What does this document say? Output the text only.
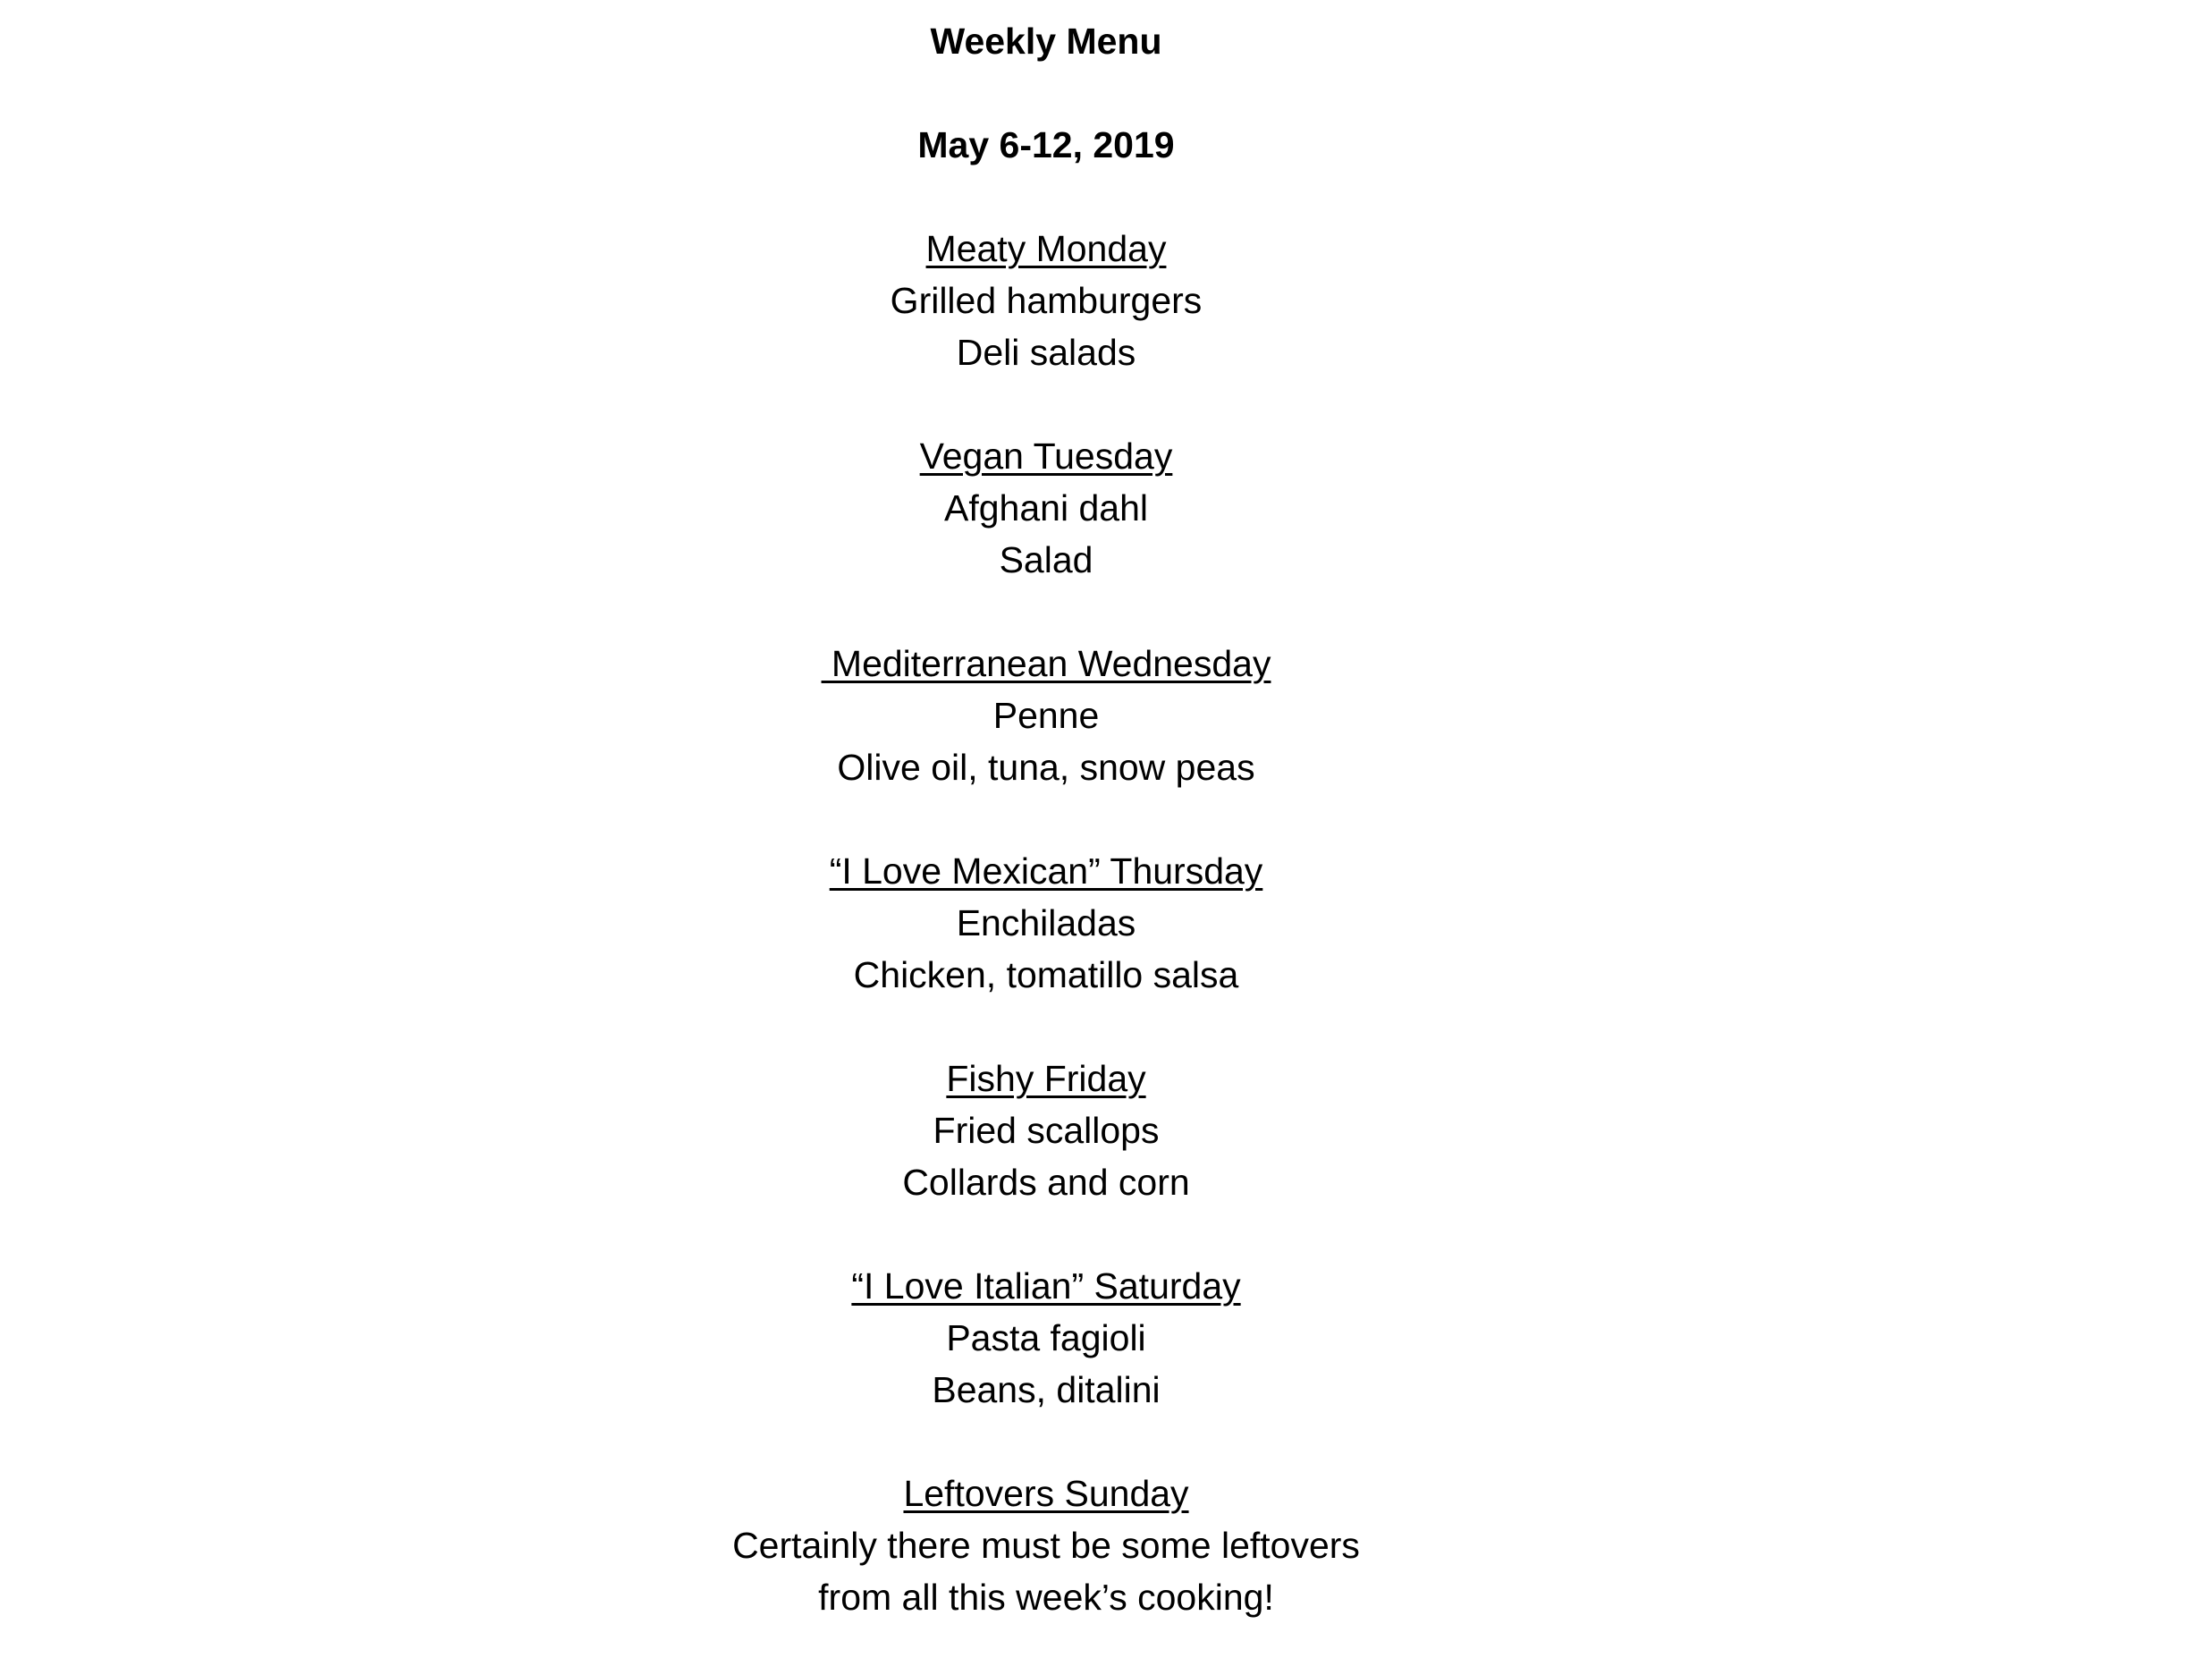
Weekly Menu
May 6-12, 2019
Meaty Monday
Grilled hamburgers
Deli salads
Vegan Tuesday
Afghani dahl
Salad
Mediterranean Wednesday
Penne
Olive oil, tuna, snow peas
“I Love Mexican” Thursday
Enchiladas
Chicken, tomatillo salsa
Fishy Friday
Fried scallops
Collards and corn
“I Love Italian” Saturday
Pasta fagioli
Beans, ditalini
Leftovers Sunday
Certainly there must be some leftovers
from all this week’s cooking!
